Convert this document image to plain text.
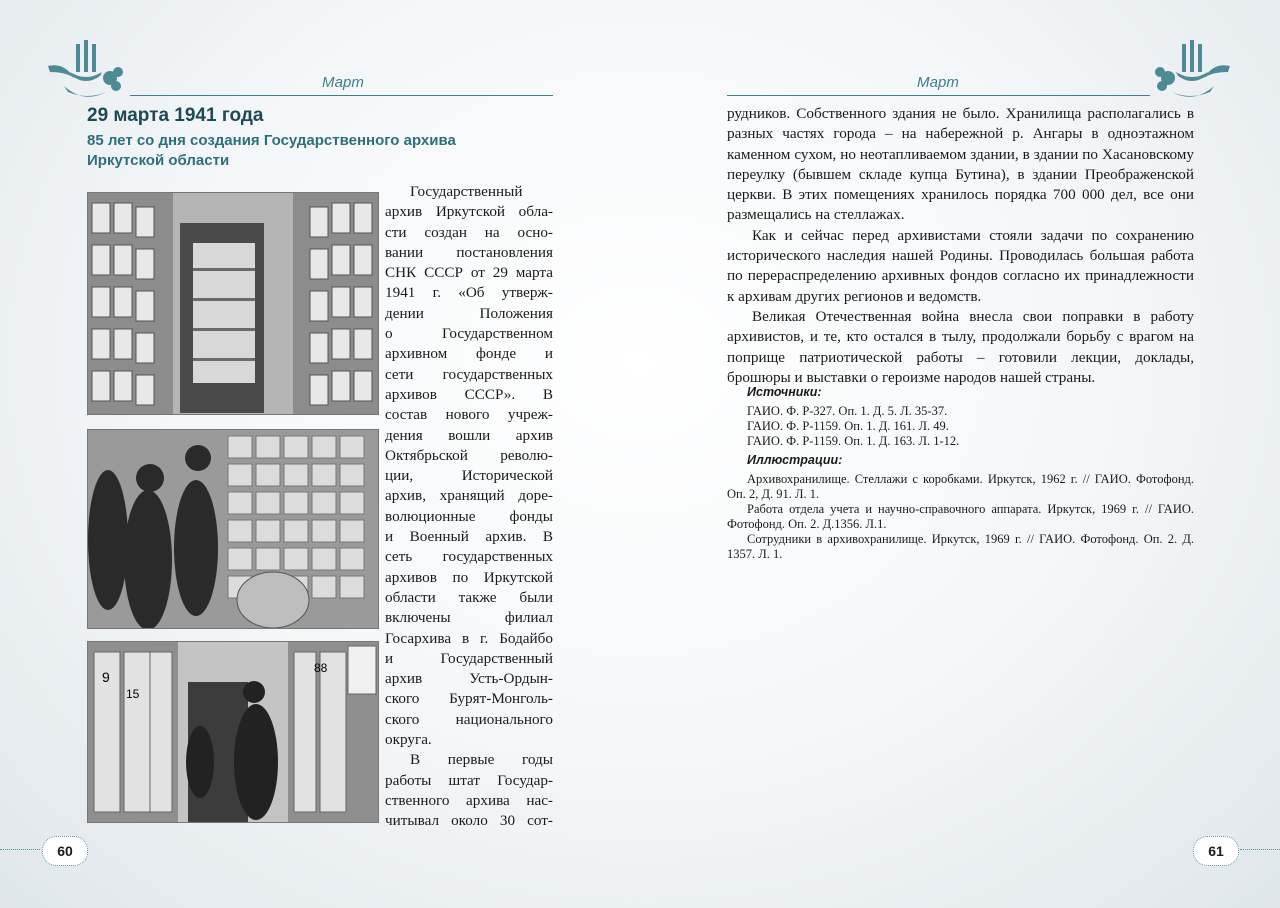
Март
29 марта 1941 года
85 лет со дня создания Государственного архива Иркутской области
9
15
88
Государственный
архив Иркутской обла-
сти создан на осно-
вании постановления
СНК СССР от 29 марта
1941 г. «Об утверж-
дении Положения
о Государственном
архивном фонде и
сети государственных
архивов СССР». В
состав нового учреж-
дения вошли архив
Октябрьской револю-
ции, Исторической
архив, хранящий доре-
волюционные фонды
и Военный архив. В
сеть государственных
архивов по Иркутской
области также были
включены филиал
Госархива в г. Бодайбо
и Государственный
архив Усть-Ордын-
ского Бурят-Монголь-
ского национального
округа.
В первые годы
работы штат Государ-
ственного архива нас-
читывал около 30 сот-
60
Март

рудников. Собственного здания не было. Хранилища располагались в разных частях города – на набережной р. Ангары в одноэтажном каменном сухом, но неотапливаемом здании, в здании по Хасановскому переулку (бывшем складе купца Бутина), в здании Преображенской церкви. В этих помещениях хранилось порядка 700 000 дел, все они размещались на стеллажах.

Как и сейчас перед архивистами стояли задачи по сохранению исторического наследия нашей Родины. Проводилась большая работа по перераспределению архивных фондов согласно их принадлежности к архивам других регионов и ведомств.

Великая Отечественная война внесла свои поправки в работу архивистов, и те, кто остался в тылу, продолжали борьбу с врагом на поприще патриотической работы – готовили лекции, доклады, брошюры и выставки о героизме народов нашей страны.

Источники:
ГАИО. Ф. Р-327. Оп. 1. Д. 5. Л. 35-37.
ГАИО. Ф. Р-1159. Оп. 1. Д. 161. Л. 49.
ГАИО. Ф. Р-1159. Оп. 1. Д. 163. Л. 1-12.
Иллюстрации:
Архивохранилище. Стеллажи с коробками. Иркутск, 1962 г. // ГАИО. Фотофонд. Оп. 2, Д. 91. Л. 1.
Работа отдела учета и научно-справочного аппарата. Иркутск, 1969 г. // ГАИО. Фотофонд. Оп. 2. Д.1356. Л.1.
Сотрудники в архивохранилище. Иркутск, 1969 г. // ГАИО. Фотофонд. Оп. 2. Д. 1357. Л. 1.
61
